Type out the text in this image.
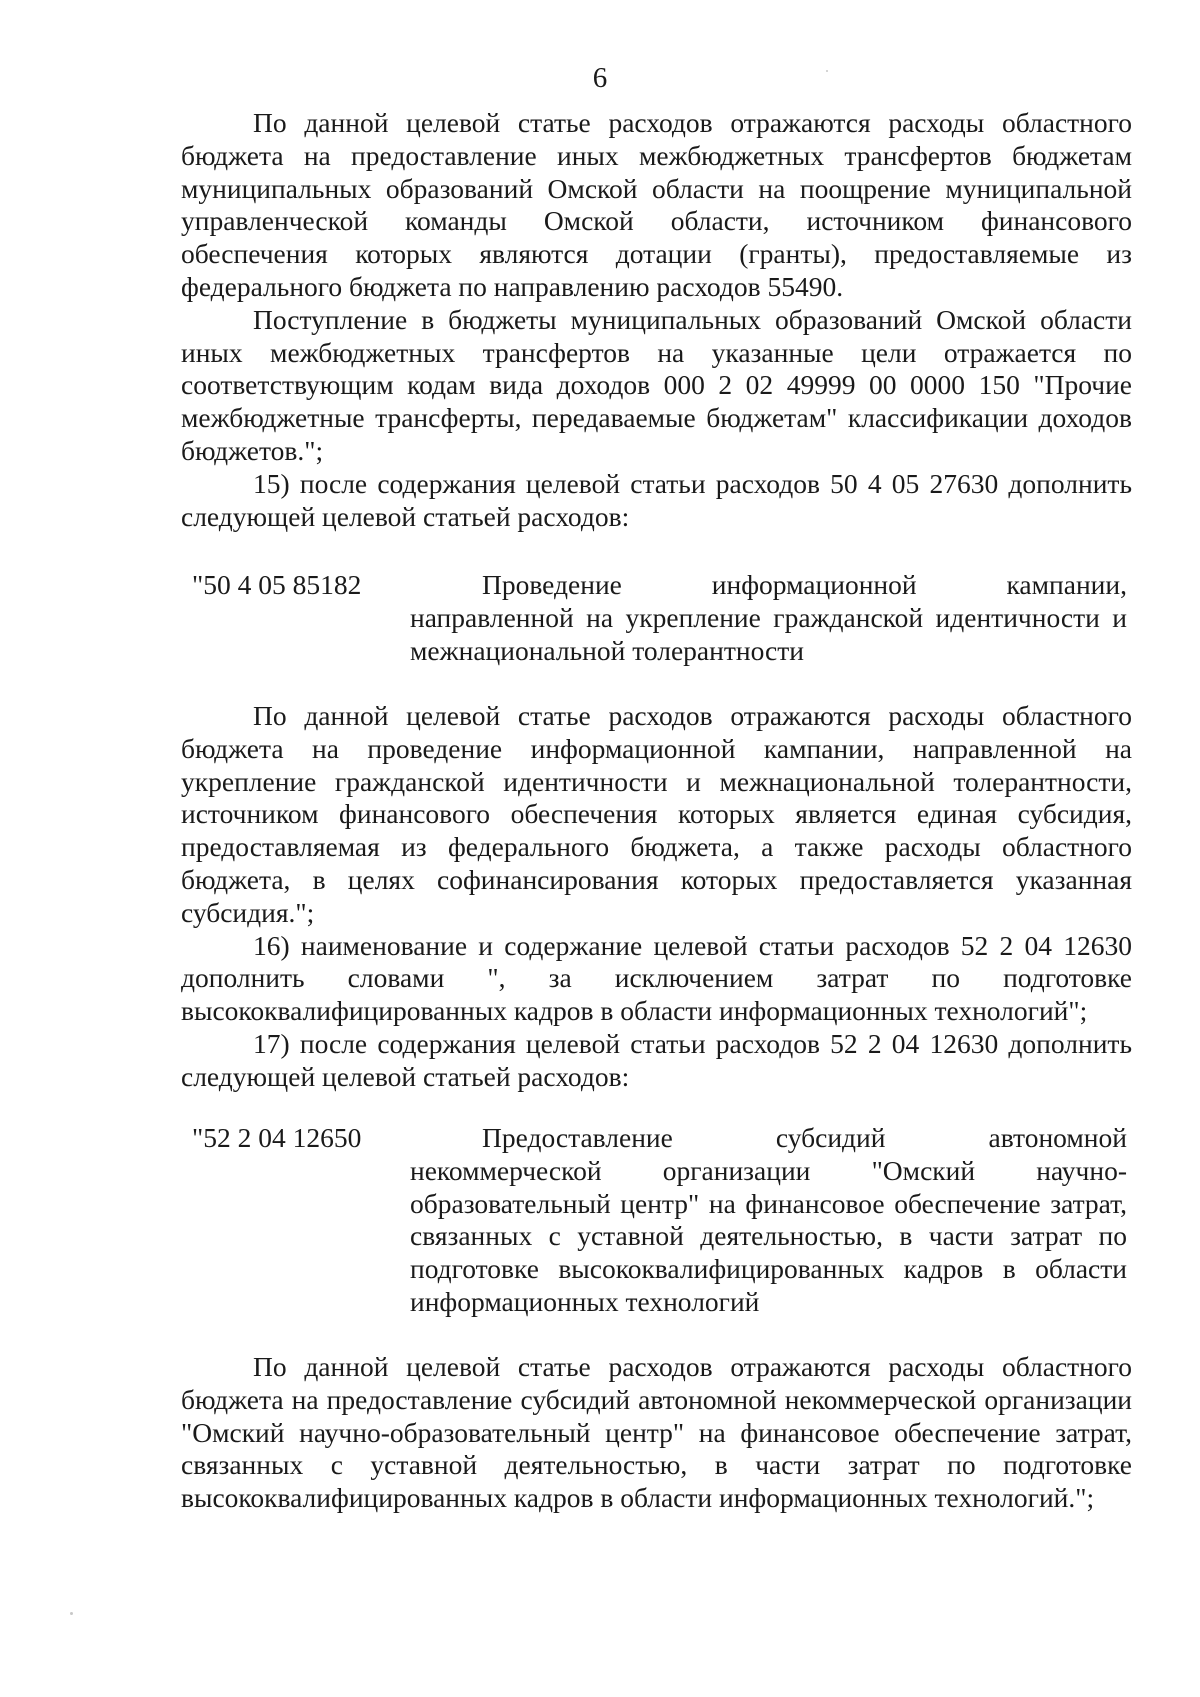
6

По данной целевой статье расходов отражаются расходы областного бюджета на предоставление иных межбюджетных трансфертов бюджетам муниципальных образований Омской области на поощрение муниципальной управленческой команды Омской области, источником финансового обеспечения которых являются дотации (гранты), предоставляемые из федерального бюджета по направлению расходов 55490.

Поступление в бюджеты муниципальных образований Омской области иных межбюджетных трансфертов на указанные цели отражается по соответствующим кодам вида доходов 000 2 02 49999 00 0000 150 "Прочие межбюджетные трансферты, передаваемые бюджетам" классификации доходов бюджетов.";

15) после содержания целевой статьи расходов 50 4 05 27630 дополнить следующей целевой статьей расходов:

"50 4 05 85182	Проведение информационной кампании, направленной на укрепление гражданской идентичности и межнациональной толерантности

По данной целевой статье расходов отражаются расходы областного бюджета на проведение информационной кампании, направленной на укрепление гражданской идентичности и межнациональной толерантности, источником финансового обеспечения которых является единая субсидия, предоставляемая из федерального бюджета, а также расходы областного бюджета, в целях софинансирования которых предоставляется указанная субсидия.";

16) наименование и содержание целевой статьи расходов 52 2 04 12630 дополнить словами ", за исключением затрат по подготовке высококвалифицированных кадров в области информационных технологий";

17) после содержания целевой статьи расходов 52 2 04 12630 дополнить следующей целевой статьей расходов:

"52 2 04 12650	Предоставление субсидий автономной некоммерческой организации "Омский научно-образовательный центр" на финансовое обеспечение затрат, связанных с уставной деятельностью, в части затрат по подготовке высококвалифицированных кадров в области информационных технологий

По данной целевой статье расходов отражаются расходы областного бюджета на предоставление субсидий автономной некоммерческой организации "Омский научно-образовательный центр" на финансовое обеспечение затрат, связанных с уставной деятельностью, в части затрат по подготовке высококвалифицированных кадров в области информационных технологий.";
